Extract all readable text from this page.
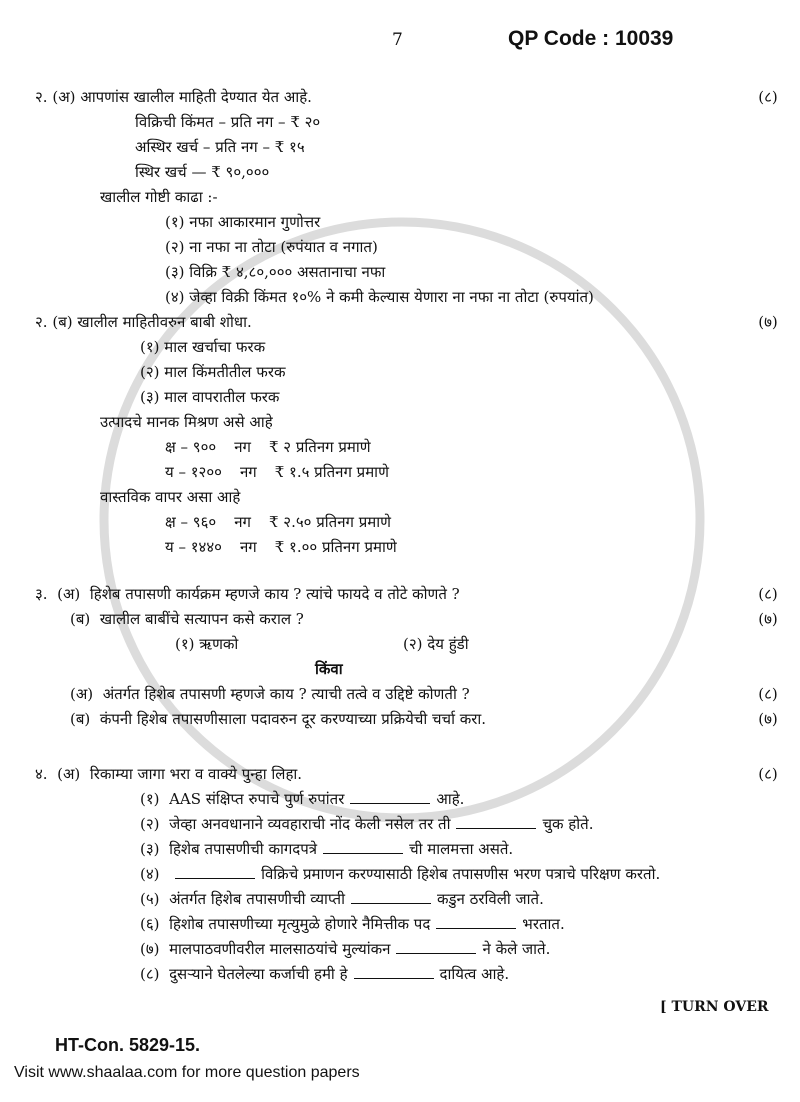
7	QP Code : 10039
२. (अ) आपणांस खालील माहिती देण्यात येत आहे.	(८)
विक्रिची किंमत – प्रति नग – ₹ २०
अस्थिर खर्च – प्रति नग – ₹ १५
स्थिर खर्च — ₹ ९०,०००
खालील गोष्टी काढा :-
(१) नफा आकारमान गुणोत्तर
(२) ना नफा ना तोटा (रुपंयात व नगात)
(३) विक्रि ₹ ४,८०,००० असतानाचा नफा
(४) जेव्हा विक्री किंमत १०% ने कमी केल्यास येणारा ना नफा ना तोटा (रुपयांत)
२. (ब) खालील माहितीवरुन बाबी शोधा.	(७)
(१) माल खर्चाचा फरक
(२) माल किंमतीतील फरक
(३) माल वापरातील फरक
उत्पादचे मानक मिश्रण असे आहे
क्ष – ९०० नग ₹ २ प्रतिनग प्रमाणे
य – १२०० नग ₹ १.५ प्रतिनग प्रमाणे
वास्तविक वापर असा आहे
क्ष – ९६० नग ₹ २.५० प्रतिनग प्रमाणे
य – १४४० नग ₹ १.०० प्रतिनग प्रमाणे
३. (अ) हिशेब तपासणी कार्यक्रम म्हणजे काय ? त्यांचे फायदे व तोटे कोणते ?	(८)
(ब) खालील बाबींचे सत्यापन कसे कराल ?	(७)
(१) ऋणको	(२) देय हुंडी
किंवा
(अ) अंतर्गत हिशेब तपासणी म्हणजे काय ? त्याची तत्वे व उद्दिष्टे कोणती ?	(८)
(ब) कंपनी हिशेब तपासणीसाला पदावरुन दूर करण्याच्या प्रक्रियेची चर्चा करा.	(७)
४. (अ) रिकाम्या जागा भरा व वाक्ये पुन्हा लिहा.	(८)
(१) AAS संक्षिप्त रुपाचे पुर्ण रुपांतर	आहे.
(२) जेव्हा अनवधानाने व्यवहाराची नोंद केली नसेल तर ती	चुक होते.
(३) हिशेब तपासणीची कागदपत्रे	ची मालमत्ता असते.
(४)	विक्रिचे प्रमाणन करण्यासाठी हिशेब तपासणीस भरण पत्राचे परिक्षण करतो.
(५) अंतर्गत हिशेब तपासणीची व्याप्ती	कडुन ठरविली जाते.
(६) हिशोब तपासणीच्या मृत्युमुळे होणारे नैमित्तीक पद	भरतात.
(७) मालपाठवणीवरील मालसाठयांचे मुल्यांकन	ने केले जाते.
(८) दुसऱ्याने घेतलेल्या कर्जाची हमी हे	दायित्व आहे.
[ TURN OVER
HT-Con. 5829-15.
Visit www.shaalaa.com for more question papers
